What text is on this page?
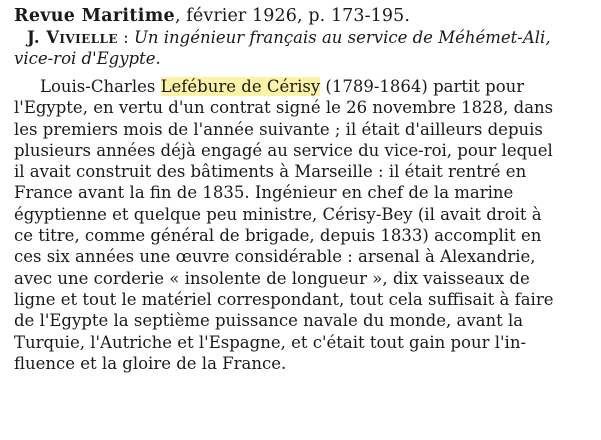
Revue Maritime, février 1926, p. 173-195.
J. Vivielle : Un ingénieur français au service de Méhémet-Ali,
vice-roi d'Egypte.
Louis-Charles Lefébure de Cérisy (1789-1864) partit pour
l'Egypte, en vertu d'un contrat signé le 26 novembre 1828, dans
les premiers mois de l'année suivante ; il était d'ailleurs depuis
plusieurs années déjà engagé au service du vice-roi, pour lequel
il avait construit des bâtiments à Marseille : il était rentré en
France avant la fin de 1835. Ingénieur en chef de la marine
égyptienne et quelque peu ministre, Cérisy-Bey (il avait droit à
ce titre, comme général de brigade, depuis 1833) accomplit en
ces six années une œuvre considérable : arsenal à Alexandrie,
avec une corderie « insolente de longueur », dix vaisseaux de
ligne et tout le matériel correspondant, tout cela suffisait à faire
de l'Egypte la septième puissance navale du monde, avant la
Turquie, l'Autriche et l'Espagne, et c'était tout gain pour l'in-
fluence et la gloire de la France.
